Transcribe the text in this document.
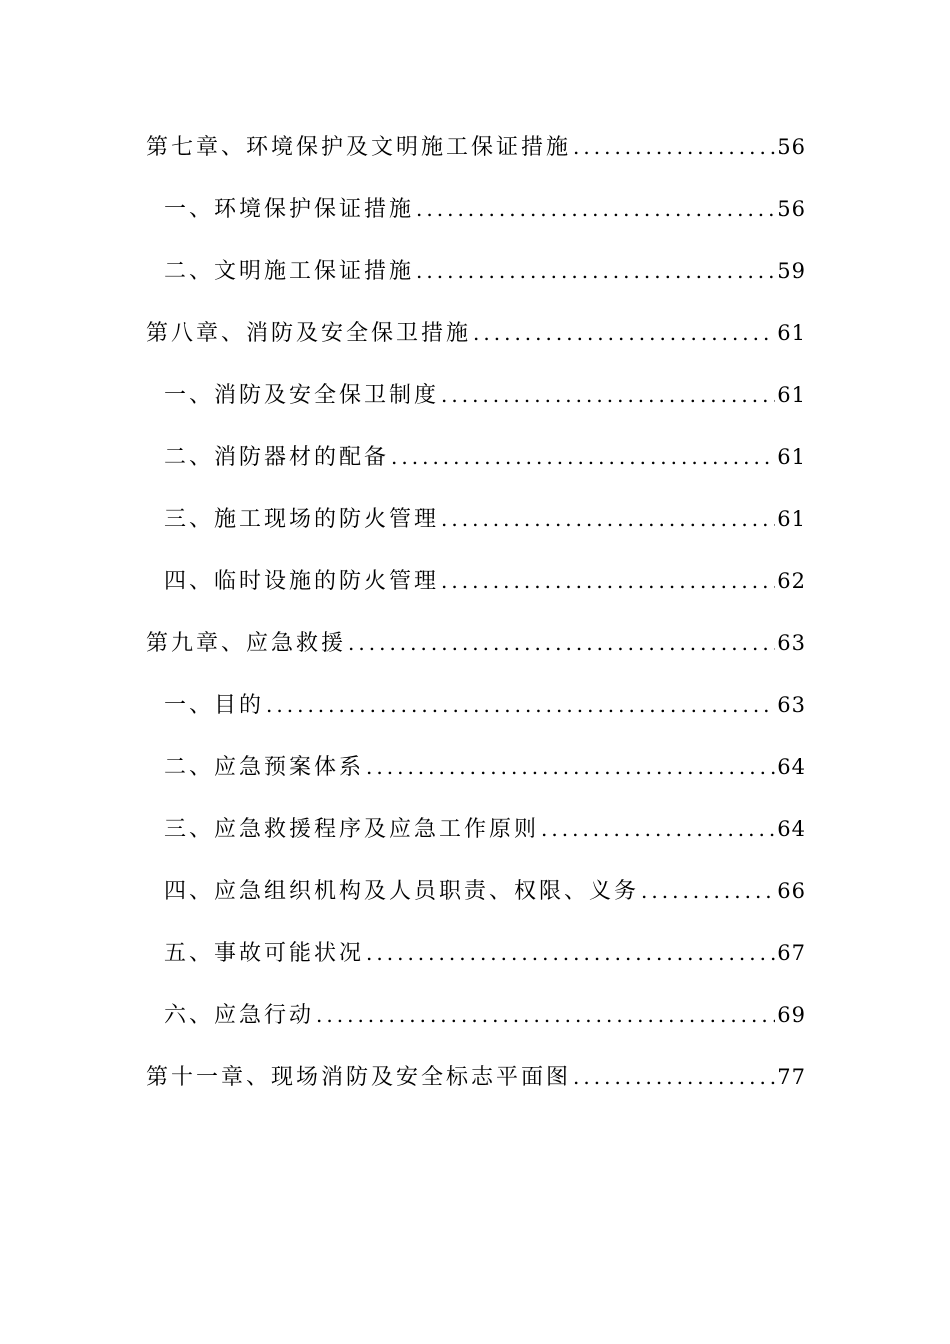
第七章、环境保护及文明施工保证措施 .....	56
一、环境保护保证措施 .....	56
二、文明施工保证措施 .....	59
第八章、消防及安全保卫措施 .....	61
一、消防及安全保卫制度 .....	61
二、消防器材的配备 .....	61
三、施工现场的防火管理 .....	61
四、临时设施的防火管理 .....	62
第九章、应急救援 .....	63
一、目的 .....	63
二、应急预案体系 .....	64
三、应急救援程序及应急工作原则 .....	64
四、应急组织机构及人员职责、权限、义务 .....	66
五、事故可能状况 .....	67
六、应急行动 .....	69
第十一章、现场消防及安全标志平面图 .....	77
